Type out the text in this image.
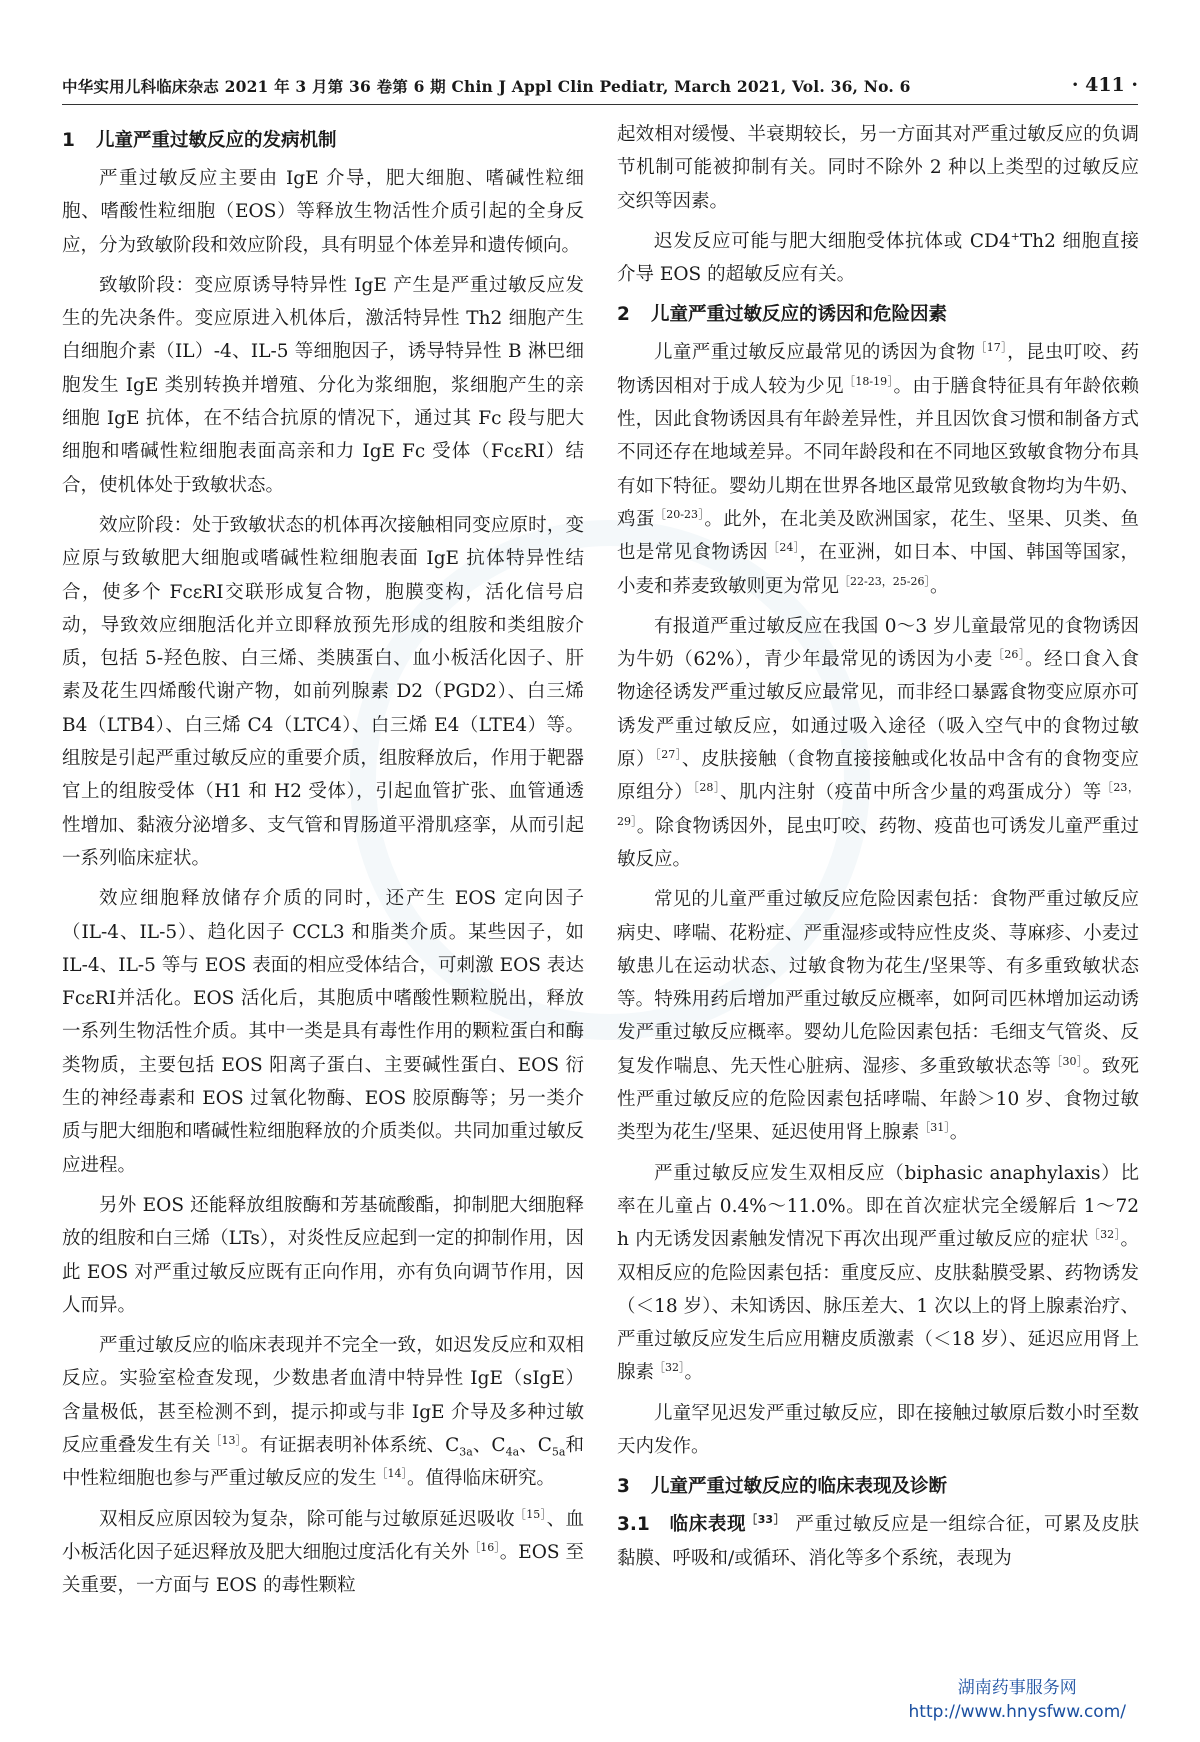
中华实用儿科临床杂志 2021 年 3 月第 36 卷第 6 期 Chin J Appl Clin Pediatr, March 2021, Vol. 36, No. 6	· 411 ·
1 儿童严重过敏反应的发病机制

严重过敏反应主要由 IgE 介导，肥大细胞、嗜碱性粒细胞、嗜酸性粒细胞（EOS）等释放生物活性介质引起的全身反应，分为致敏阶段和效应阶段，具有明显个体差异和遗传倾向。

致敏阶段：变应原诱导特异性 IgE 产生是严重过敏反应发生的先决条件。变应原进入机体后，激活特异性 Th2 细胞产生白细胞介素（IL）-4、IL-5 等细胞因子，诱导特异性 B 淋巴细胞发生 IgE 类别转换并增殖、分化为浆细胞，浆细胞产生的亲细胞 IgE 抗体，在不结合抗原的情况下，通过其 Fc 段与肥大细胞和嗜碱性粒细胞表面高亲和力 IgE Fc 受体（FcεRI）结合，使机体处于致敏状态。

效应阶段：处于致敏状态的机体再次接触相同变应原时，变应原与致敏肥大细胞或嗜碱性粒细胞表面 IgE 抗体特异性结合，使多个 FcεRI交联形成复合物，胞膜变构，活化信号启动，导致效应细胞活化并立即释放预先形成的组胺和类组胺介质，包括 5-羟色胺、白三烯、类胰蛋白、血小板活化因子、肝素及花生四烯酸代谢产物，如前列腺素 D2（PGD2）、白三烯 B4（LTB4）、白三烯 C4（LTC4）、白三烯 E4（LTE4）等。组胺是引起严重过敏反应的重要介质，组胺释放后，作用于靶器官上的组胺受体（H1 和 H2 受体），引起血管扩张、血管通透性增加、黏液分泌增多、支气管和胃肠道平滑肌痉挛，从而引起一系列临床症状。

效应细胞释放储存介质的同时，还产生 EOS 定向因子（IL-4、IL-5）、趋化因子 CCL3 和脂类介质。某些因子，如 IL-4、IL-5 等与 EOS 表面的相应受体结合，可刺激 EOS 表达 FcεRI并活化。EOS 活化后，其胞质中嗜酸性颗粒脱出，释放一系列生物活性介质。其中一类是具有毒性作用的颗粒蛋白和酶类物质，主要包括 EOS 阳离子蛋白、主要碱性蛋白、EOS 衍生的神经毒素和 EOS 过氧化物酶、EOS 胶原酶等；另一类介质与肥大细胞和嗜碱性粒细胞释放的介质类似。共同加重过敏反应进程。

另外 EOS 还能释放组胺酶和芳基硫酸酯，抑制肥大细胞释放的组胺和白三烯（LTs），对炎性反应起到一定的抑制作用，因此 EOS 对严重过敏反应既有正向作用，亦有负向调节作用，因人而异。

严重过敏反应的临床表现并不完全一致，如迟发反应和双相反应。实验室检查发现，少数患者血清中特异性 IgE（sIgE）含量极低，甚至检测不到，提示抑或与非 IgE 介导及多种过敏反应重叠发生有关$^{[13]}$。有证据表明补体系统、$C_{3a}$、$C_{4a}$、$C_{5a}$和中性粒细胞也参与严重过敏反应的发生$^{[14]}$。值得临床研究。

双相反应原因较为复杂，除可能与过敏原延迟吸收$^{[15]}$、血小板活化因子延迟释放及肥大细胞过度活化有关外$^{[16]}$。EOS 至关重要，一方面与 EOS 的毒性颗粒

起效相对缓慢、半衰期较长，另一方面其对严重过敏反应的负调节机制可能被抑制有关。同时不除外 2 种以上类型的过敏反应交织等因素。

迟发反应可能与肥大细胞受体抗体或 CD4+Th2 细胞直接介导 EOS 的超敏反应有关。

2 儿童严重过敏反应的诱因和危险因素

儿童严重过敏反应最常见的诱因为食物$^{[17]}$，昆虫叮咬、药物诱因相对于成人较为少见$^{[18-19]}$。由于膳食特征具有年龄依赖性，因此食物诱因具有年龄差异性，并且因饮食习惯和制备方式不同还存在地域差异。不同年龄段和在不同地区致敏食物分布具有如下特征。婴幼儿期在世界各地区最常见致敏食物均为牛奶、鸡蛋$^{[20-23]}$。此外，在北美及欧洲国家，花生、坚果、贝类、鱼也是常见食物诱因$^{[24]}$，在亚洲，如日本、中国、韩国等国家，小麦和荞麦致敏则更为常见$^{[22-23,25-26]}$。

有报道严重过敏反应在我国 0～3 岁儿童最常见的食物诱因为牛奶（62%），青少年最常见的诱因为小麦$^{[26]}$。经口食入食物途径诱发严重过敏反应最常见，而非经口暴露食物变应原亦可诱发严重过敏反应，如通过吸入途径（吸入空气中的食物过敏原）$^{[27]}$、皮肤接触（食物直接接触或化妆品中含有的食物变应原组分）$^{[28]}$、肌内注射（疫苗中所含少量的鸡蛋成分）等$^{[23,29]}$。除食物诱因外，昆虫叮咬、药物、疫苗也可诱发儿童严重过敏反应。

常见的儿童严重过敏反应危险因素包括：食物严重过敏反应病史、哮喘、花粉症、严重湿疹或特应性皮炎、荨麻疹、小麦过敏患儿在运动状态、过敏食物为花生/坚果等、有多重致敏状态等。特殊用药后增加严重过敏反应概率，如阿司匹林增加运动诱发严重过敏反应概率。婴幼儿危险因素包括：毛细支气管炎、反复发作喘息、先天性心脏病、湿疹、多重致敏状态等$^{[30]}$。致死性严重过敏反应的危险因素包括哮喘、年龄＞10 岁、食物过敏类型为花生/坚果、延迟使用肾上腺素$^{[31]}$。

严重过敏反应发生双相反应（biphasic anaphylaxis）比率在儿童占 0.4%～11.0%。即在首次症状完全缓解后 1～72 h 内无诱发因素触发情况下再次出现严重过敏反应的症状$^{[32]}$。双相反应的危险因素包括：重度反应、皮肤黏膜受累、药物诱发（＜18 岁）、未知诱因、脉压差大、1 次以上的肾上腺素治疗、严重过敏反应发生后应用糖皮质激素（＜18 岁）、延迟应用肾上腺素$^{[32]}$。

儿童罕见迟发严重过敏反应，即在接触过敏原后数小时至数天内发作。

3 儿童严重过敏反应的临床表现及诊断

3.1 临床表现$^{[33]}$ 严重过敏反应是一组综合征，可累及皮肤黏膜、呼吸和/或循环、消化等多个系统，表现为

湖南药事服务网
http://www.hnysfww.com/
